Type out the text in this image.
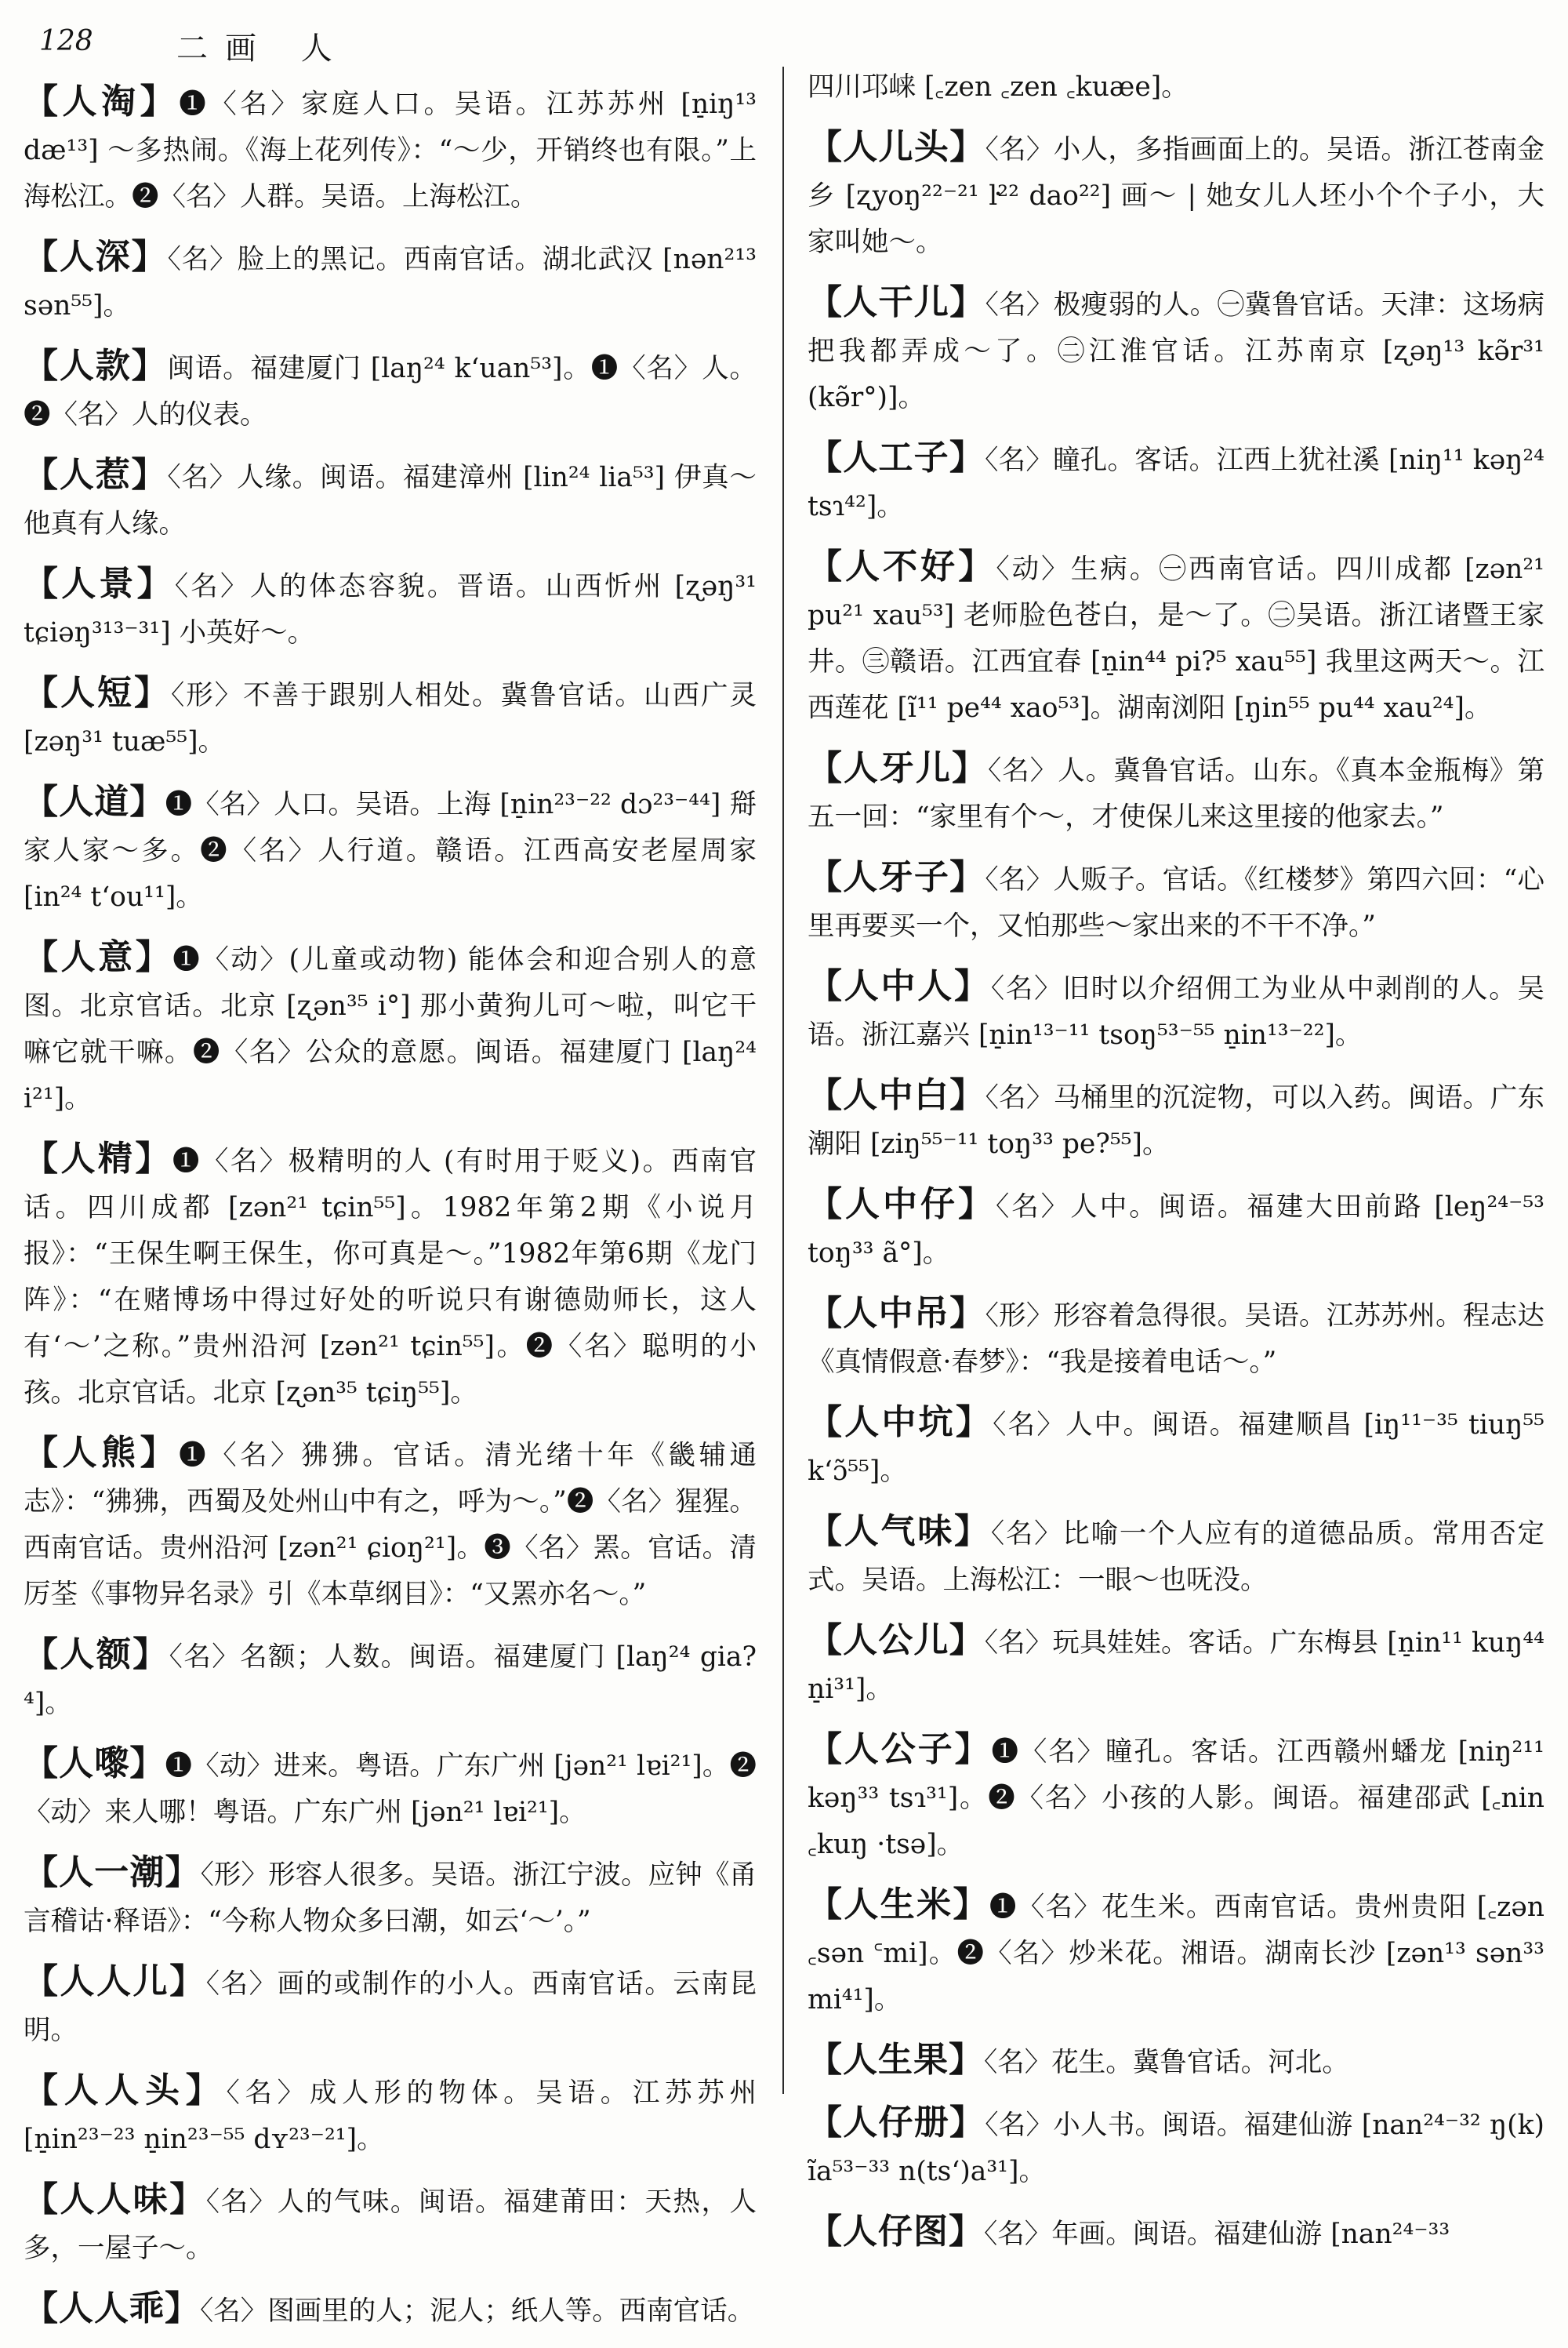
128	二画 人

【人淘】❶〈名〉家庭人口。吴语。江苏苏州 [n̠iŋ¹³ dæ¹³] ～多热闹。《海上花列传》：“～少，开销终也有限。”上海松江。❷〈名〉人群。吴语。上海松江。

【人深】〈名〉脸上的黑记。西南官话。湖北武汉 [nən²¹³ sən⁵⁵]。

【人款】闽语。福建厦门 [laŋ²⁴ k‘uan⁵³]。❶〈名〉人。❷〈名〉人的仪表。

【人惹】〈名〉人缘。闽语。福建漳州 [lin²⁴ lia⁵³] 伊真～他真有人缘。

【人景】〈名〉人的体态容貌。晋语。山西忻州 [ʐəŋ³¹ tɕiəŋ³¹³⁻³¹] 小英好～。

【人短】〈形〉不善于跟别人相处。冀鲁官话。山西广灵 [zəŋ³¹ tuæ⁵⁵]。

【人道】❶〈名〉人口。吴语。上海 [n̠in²³⁻²² dɔ²³⁻⁴⁴] 搿家人家～多。❷〈名〉人行道。赣语。江西高安老屋周家 [in²⁴ t‘ou¹¹]。

【人意】❶〈动〉(儿童或动物) 能体会和迎合别人的意图。北京官话。北京 [ʐən³⁵ i°] 那小黄狗儿可～啦，叫它干嘛它就干嘛。❷〈名〉公众的意愿。闽语。福建厦门 [laŋ²⁴ i²¹]。

【人精】❶〈名〉极精明的人 (有时用于贬义)。西南官话。四川成都 [zən²¹ tɕin⁵⁵]。1982年第2期《小说月报》：“王保生啊王保生，你可真是～。”1982年第6期《龙门阵》：“在赌博场中得过好处的听说只有谢德勋师长，这人有‘～’之称。”贵州沿河 [zən²¹ tɕin⁵⁵]。❷〈名〉聪明的小孩。北京官话。北京 [ʐən³⁵ tɕiŋ⁵⁵]。

【人熊】❶〈名〉狒狒。官话。清光绪十年《畿辅通志》：“狒狒，西蜀及处州山中有之，呼为～。”❷〈名〉猩猩。西南官话。贵州沿河 [zən²¹ ɕioŋ²¹]。❸〈名〉罴。官话。清厉荃《事物异名录》引《本草纲目》：“又罴亦名～。”

【人额】〈名〉名额；人数。闽语。福建厦门 [laŋ²⁴ gia?⁴]。

【人嚟】❶〈动〉进来。粤语。广东广州 [jən²¹ lɐi²¹]。❷〈动〉来人哪！粤语。广东广州 [jən²¹ lɐi²¹]。

【人一潮】〈形〉形容人很多。吴语。浙江宁波。应钟《甬言稽诂·释语》：“今称人物众多曰潮，如云‘～’。”

【人人儿】〈名〉画的或制作的小人。西南官话。云南昆明。

【人人头】〈名〉成人形的物体。吴语。江苏苏州 [n̠in²³⁻²³ n̠in²³⁻⁵⁵ dʏ²³⁻²¹]。

【人人味】〈名〉人的气味。闽语。福建莆田：天热，人多，一屋子～。

【人人乖】〈名〉图画里的人；泥人；纸人等。西南官话。

四川邛崃 [꜀zen ꜀zen ꜀kuæe]。

【人儿头】〈名〉小人，多指画面上的。吴语。浙江苍南金乡 [ʐyoŋ²²⁻²¹ ŀ²² dao²²] 画～ | 她女儿人坯小个个子小，大家叫她～。

【人干儿】〈名〉极瘦弱的人。㊀冀鲁官话。天津：这场病把我都弄成～了。㊁江淮官话。江苏南京 [ʐəŋ¹³ kə̃r³¹ (kə̃r°)]。

【人工子】〈名〉瞳孔。客话。江西上犹社溪 [niŋ¹¹ kəŋ²⁴ tsɿ⁴²]。

【人不好】〈动〉生病。㊀西南官话。四川成都 [zən²¹ pu²¹ xau⁵³] 老师脸色苍白，是～了。㊁吴语。浙江诸暨王家井。㊂赣语。江西宜春 [n̠in⁴⁴ pi?⁵ xau⁵⁵] 我里这两天～。江西莲花 [ĩ¹¹ pe⁴⁴ xao⁵³]。湖南浏阳 [ŋin⁵⁵ pu⁴⁴ xau²⁴]。

【人牙儿】〈名〉人。冀鲁官话。山东。《真本金瓶梅》第五一回：“家里有个～，才使保儿来这里接的他家去。”

【人牙子】〈名〉人贩子。官话。《红楼梦》第四六回：“心里再要买一个，又怕那些～家出来的不干不净。”

【人中人】〈名〉旧时以介绍佣工为业从中剥削的人。吴语。浙江嘉兴 [n̠in¹³⁻¹¹ tsoŋ⁵³⁻⁵⁵ n̠in¹³⁻²²]。

【人中白】〈名〉马桶里的沉淀物，可以入药。闽语。广东潮阳 [ziŋ⁵⁵⁻¹¹ toŋ³³ pe?⁵⁵]。

【人中仔】〈名〉人中。闽语。福建大田前路 [leŋ²⁴⁻⁵³ toŋ³³ ã°]。

【人中吊】〈形〉形容着急得很。吴语。江苏苏州。程志达《真情假意·春梦》：“我是接着电话～。”

【人中坑】〈名〉人中。闽语。福建顺昌 [iŋ¹¹⁻³⁵ tiuŋ⁵⁵ k‘ɔ̃⁵⁵]。

【人气味】〈名〉比喻一个人应有的道德品质。常用否定式。吴语。上海松江：一眼～也呒没。

【人公儿】〈名〉玩具娃娃。客话。广东梅县 [n̠in¹¹ kuŋ⁴⁴ n̠i³¹]。

【人公子】❶〈名〉瞳孔。客话。江西赣州蟠龙 [niŋ²¹¹ kəŋ³³ tsɿ³¹]。❷〈名〉小孩的人影。闽语。福建邵武 [꜀nin ꜀kuŋ ·tsə]。

【人生米】❶〈名〉花生米。西南官话。贵州贵阳 [꜀zən ꜀sən ꜂mi]。❷〈名〉炒米花。湘语。湖南长沙 [zən¹³ sən³³ mi⁴¹]。

【人生果】〈名〉花生。冀鲁官话。河北。

【人仔册】〈名〉小人书。闽语。福建仙游 [nan²⁴⁻³² ŋ(k) ĩa⁵³⁻³³ n(ts‘)a³¹]。

【人仔图】〈名〉年画。闽语。福建仙游 [nan²⁴⁻³³
